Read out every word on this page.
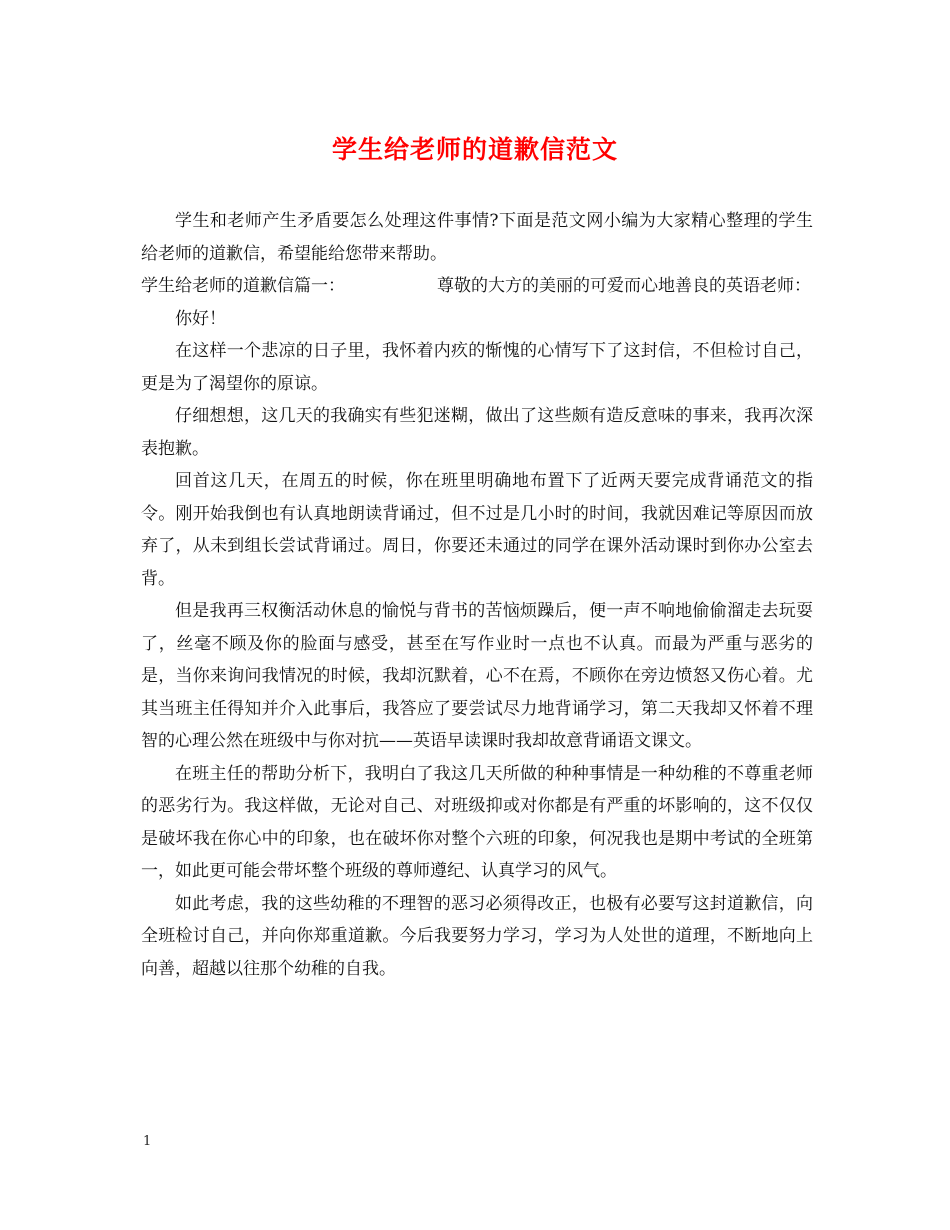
学生给老师的道歉信范文

学生和老师产生矛盾要怎么处理这件事情?下面是范文网小编为大家精心整理的学生给老师的道歉信，希望能给您带来帮助。

学生给老师的道歉信篇一：	尊敬的大方的美丽的可爱而心地善良的英语老师：

你好！

在这样一个悲凉的日子里，我怀着内疚的惭愧的心情写下了这封信，不但检讨自己，更是为了渴望你的原谅。

仔细想想，这几天的我确实有些犯迷糊，做出了这些颇有造反意味的事来，我再次深表抱歉。

回首这几天，在周五的时候，你在班里明确地布置下了近两天要完成背诵范文的指令。刚开始我倒也有认真地朗读背诵过，但不过是几小时的时间，我就因难记等原因而放弃了，从未到组长尝试背诵过。周日，你要还未通过的同学在课外活动课时到你办公室去背。

但是我再三权衡活动休息的愉悦与背书的苦恼烦躁后，便一声不响地偷偷溜走去玩耍了，丝毫不顾及你的脸面与感受，甚至在写作业时一点也不认真。而最为严重与恶劣的是，当你来询问我情况的时候，我却沉默着，心不在焉，不顾你在旁边愤怒又伤心着。尤其当班主任得知并介入此事后，我答应了要尝试尽力地背诵学习，第二天我却又怀着不理智的心理公然在班级中与你对抗——英语早读课时我却故意背诵语文课文。

在班主任的帮助分析下，我明白了我这几天所做的种种事情是一种幼稚的不尊重老师的恶劣行为。我这样做，无论对自己、对班级抑或对你都是有严重的坏影响的，这不仅仅是破坏我在你心中的印象，也在破坏你对整个六班的印象，何况我也是期中考试的全班第一，如此更可能会带坏整个班级的尊师遵纪、认真学习的风气。

如此考虑，我的这些幼稚的不理智的恶习必须得改正，也极有必要写这封道歉信，向全班检讨自己，并向你郑重道歉。今后我要努力学习，学习为人处世的道理，不断地向上向善，超越以往那个幼稚的自我。

1
